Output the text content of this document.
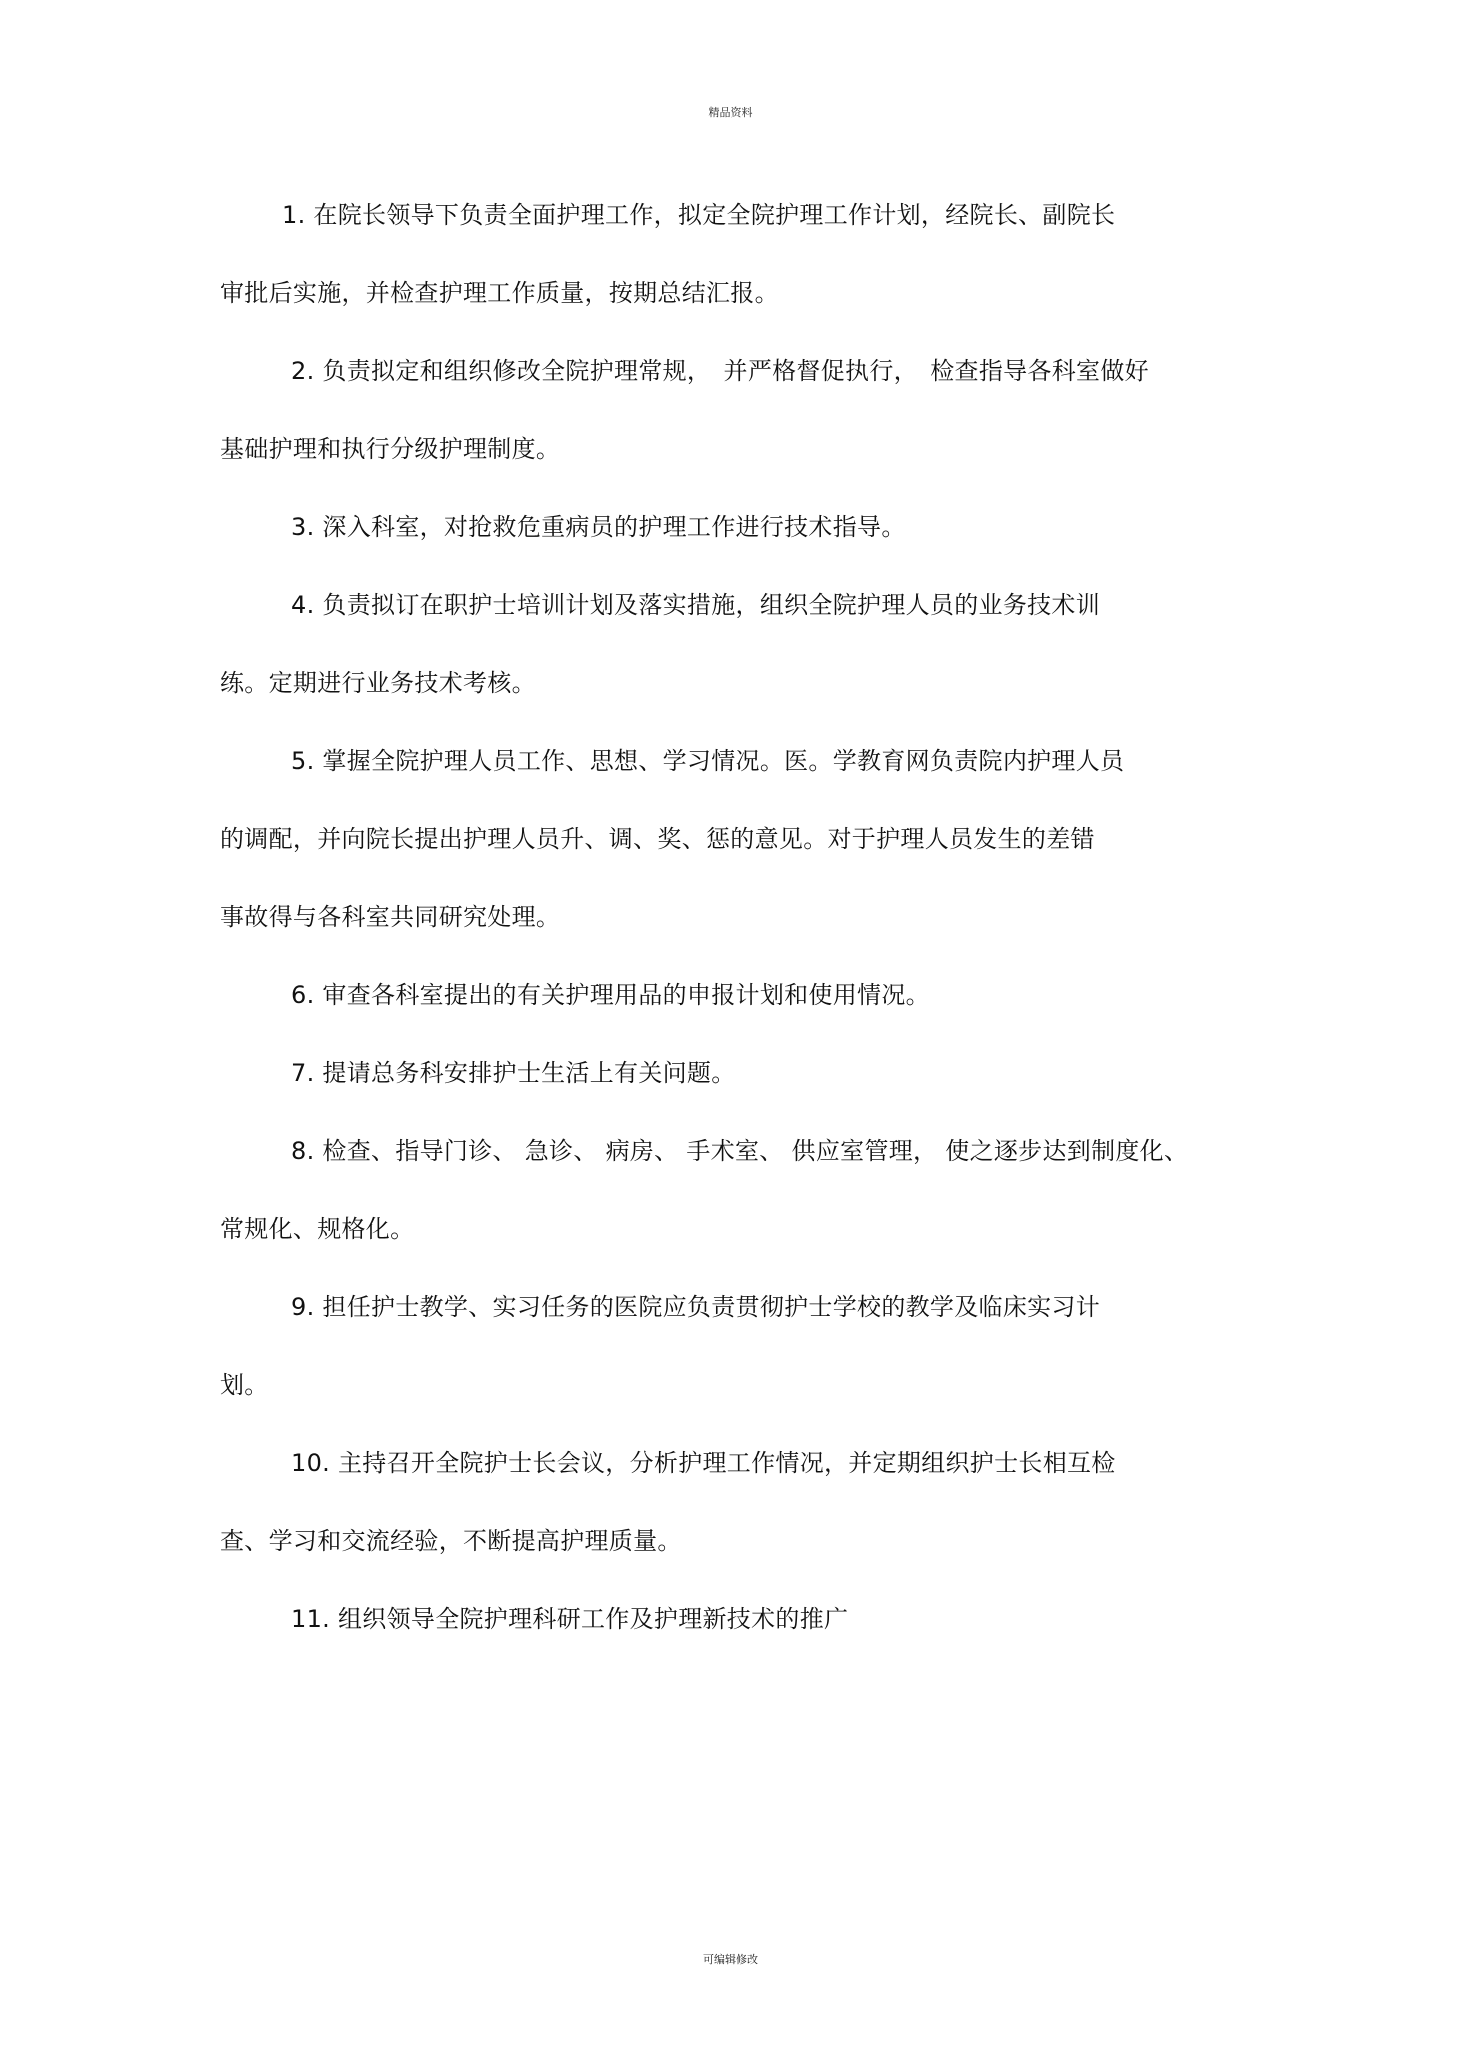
精品资料
1. 在院长领导下负责全面护理工作，拟定全院护理工作计划，经院长、副院长
审批后实施，并检查护理工作质量，按期总结汇报。
2. 负责拟定和组织修改全院护理常规，　并严格督促执行，　检查指导各科室做好
基础护理和执行分级护理制度。
3. 深入科室，对抢救危重病员的护理工作进行技术指导。
4. 负责拟订在职护士培训计划及落实措施，组织全院护理人员的业务技术训
练。定期进行业务技术考核。
5. 掌握全院护理人员工作、思想、学习情况。医。学教育网负责院内护理人员
的调配，并向院长提出护理人员升、调、奖、惩的意见。对于护理人员发生的差错
事故得与各科室共同研究处理。
6. 审查各科室提出的有关护理用品的申报计划和使用情况。
7. 提请总务科安排护士生活上有关问题。
8. 检查、指导门诊、 急诊、 病房、 手术室、 供应室管理， 使之逐步达到制度化、
常规化、规格化。
9. 担任护士教学、实习任务的医院应负责贯彻护士学校的教学及临床实习计
划。
10. 主持召开全院护士长会议，分析护理工作情况，并定期组织护士长相互检
查、学习和交流经验，不断提高护理质量。
11. 组织领导全院护理科研工作及护理新技术的推广
可编辑修改
